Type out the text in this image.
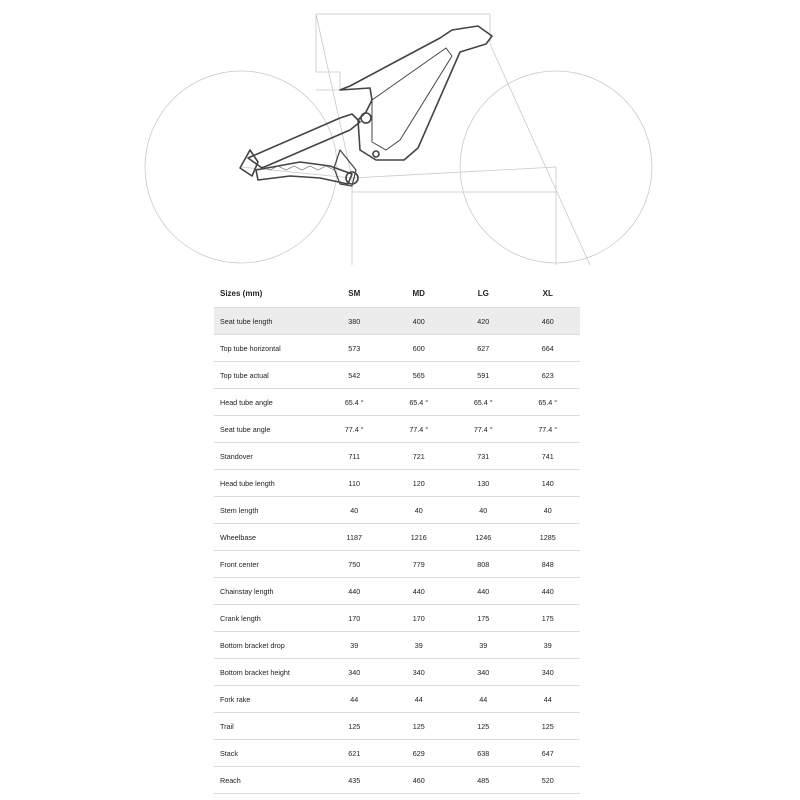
Sizes (mm)	SM	MD	LG	XL
Seat tube length	380	400	420	460
Top tube horizontal	573	600	627	664
Top tube actual	542	565	591	623
Head tube angle	65.4 °	65.4 °	65.4 °	65.4 °
Seat tube angle	77.4 °	77.4 °	77.4 °	77.4 °
Standover	711	721	731	741
Head tube length	110	120	130	140
Stem length	40	40	40	40
Wheelbase	1187	1216	1246	1285
Front center	750	779	808	848
Chainstay length	440	440	440	440
Crank length	170	170	175	175
Bottom bracket drop	39	39	39	39
Bottom bracket height	340	340	340	340
Fork rake	44	44	44	44
Trail	125	125	125	125
Stack	621	629	638	647
Reach	435	460	485	520
